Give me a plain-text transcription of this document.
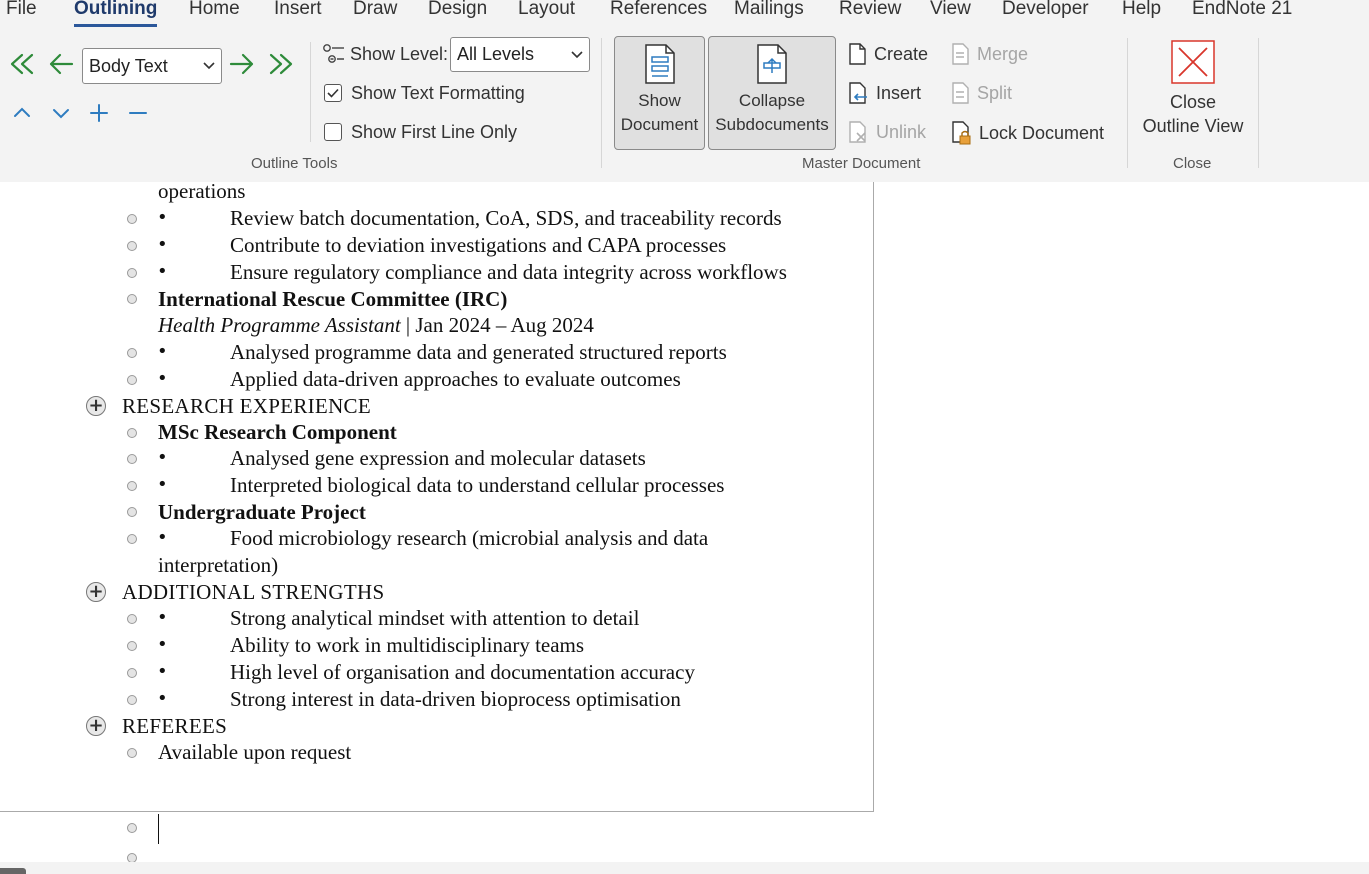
File Outlining Home Insert Draw Design Layout References Mailings Review View Developer Help EndNote 21
Body Text
Show Level: All Levels
Show Text Formatting
Show First Line Only
Outline Tools
Show
Document
Collapse
Subdocuments
Create
Insert
Unlink
Merge
Split
Lock Document
Master Document
Close
Outline View
Close
operations
•	Review batch documentation, CoA, SDS, and traceability records
•	Contribute to deviation investigations and CAPA processes
•	Ensure regulatory compliance and data integrity across workflows
International Rescue Committee (IRC)
Health Programme Assistant | Jan 2024 – Aug 2024
•	Analysed programme data and generated structured reports
•	Applied data-driven approaches to evaluate outcomes
+ RESEARCH EXPERIENCE
MSc Research Component
•	Analysed gene expression and molecular datasets
•	Interpreted biological data to understand cellular processes
Undergraduate Project
•	Food microbiology research (microbial analysis and data
interpretation)
+ ADDITIONAL STRENGTHS
•	Strong analytical mindset with attention to detail
•	Ability to work in multidisciplinary teams
•	High level of organisation and documentation accuracy
•	Strong interest in data-driven bioprocess optimisation
+ REFEREES
Available upon request
